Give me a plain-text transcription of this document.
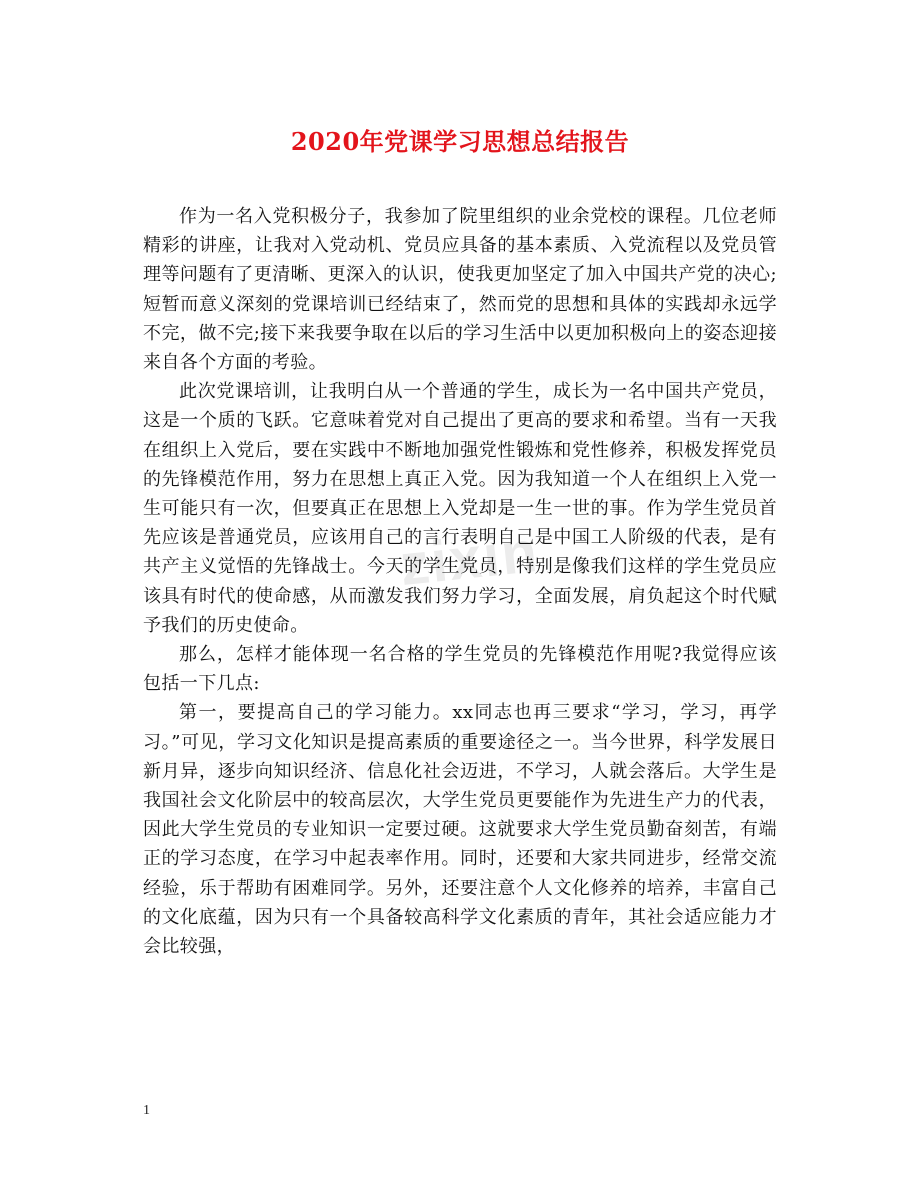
2020年党课学习思想总结报告
zixin

作为一名入党积极分子，我参加了院里组织的业余党校的课程。几位老师精彩的讲座，让我对入党动机、党员应具备的基本素质、入党流程以及党员管理等问题有了更清晰、更深入的认识，使我更加坚定了加入中国共产党的决心;短暂而意义深刻的党课培训已经结束了，然而党的思想和具体的实践却永远学不完，做不完;接下来我要争取在以后的学习生活中以更加积极向上的姿态迎接来自各个方面的考验。

此次党课培训，让我明白从一个普通的学生，成长为一名中国共产党员，这是一个质的飞跃。它意味着党对自己提出了更高的要求和希望。当有一天我在组织上入党后，要在实践中不断地加强党性锻炼和党性修养，积极发挥党员的先锋模范作用，努力在思想上真正入党。因为我知道一个人在组织上入党一生可能只有一次，但要真正在思想上入党却是一生一世的事。作为学生党员首先应该是普通党员，应该用自己的言行表明自己是中国工人阶级的代表，是有共产主义觉悟的先锋战士。今天的学生党员，特别是像我们这样的学生党员应该具有时代的使命感，从而激发我们努力学习，全面发展，肩负起这个时代赋予我们的历史使命。

那么，怎样才能体现一名合格的学生党员的先锋模范作用呢?我觉得应该包括一下几点:

第一，要提高自己的学习能力。xx同志也再三要求“学习，学习，再学习。”可见，学习文化知识是提高素质的重要途径之一。当今世界，科学发展日新月异，逐步向知识经济、信息化社会迈进，不学习，人就会落后。大学生是我国社会文化阶层中的较高层次，大学生党员更要能作为先进生产力的代表，因此大学生党员的专业知识一定要过硬。这就要求大学生党员勤奋刻苦，有端正的学习态度，在学习中起表率作用。同时，还要和大家共同进步，经常交流经验，乐于帮助有困难同学。另外，还要注意个人文化修养的培养，丰富自己的文化底蕴，因为只有一个具备较高科学文化素质的青年，其社会适应能力才会比较强，

1
